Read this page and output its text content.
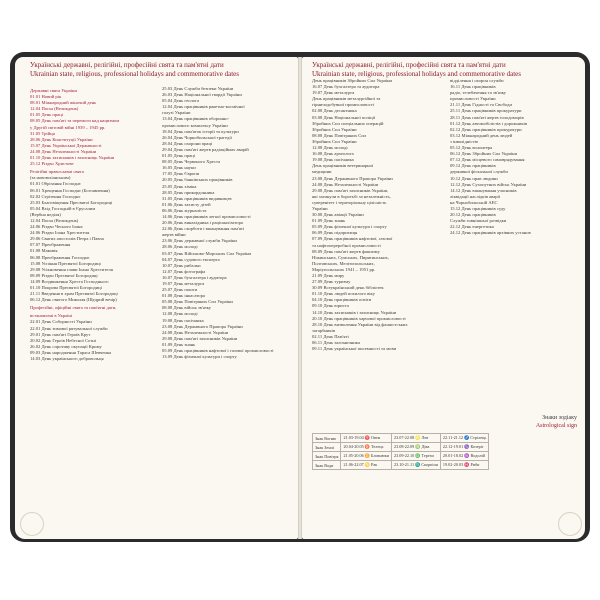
Українські державні, релігійні, професійні свята та пам'ятні дати
Ukrainian state, religious, professional holidays and commemorative dates
Українські державні, релігійні, професійні свята та пам'ятні дати
Ukrainian state, religious, professional holidays and commemorative dates
Державні свята України
01.01 Новий рік
08.01 Міжнародний жіночий день
12.04 Пасха (Великдень)
01.05 День праці
08.05 День пам'яті та перемоги над нацизмом
у Другій світовій війні 1939 – 1945 рр.
31.05 Трійця
28.06 День Конституції України
15.07 День Української Державності
24.08 День Незалежності України
01.10 День захисників і захисниць України
25.12 Різдво Христове
Релігійні православні свята
(за новоюліанським)
01.01 Обрізання Господнє
06.01 Хрещення Господнє (Богоявлення)
02.02 Стрітення Господнє
25.03 Благовіщення Пресвятої Богородиці
05.04 Вхід Господній в Єрусалим
(Вербна неділя)
12.04 Пасха (Великдень)
24.06 Різдво Чесного Іоана
24.06 Різдво Іоана Хрестителя
29.06 Святих апостолів Петра і Павла
07.07 Преображення
01.08 Маковія
06.08 Преображення Господнє
15.08 Успіння Пресвятої Богородиці
29.08 Усікновення глави Іоана Хрестителя
08.09 Різдво Пресвятої Богородиці
14.09 Воздвиження Хреста Господнього
01.10 Покрова Пресвятої Богородиці
21.11 Введення в храм Пресвятої Богородиці
06.12 День святого Миколая (Щедрий вечір)
Професійні, офіційні свята та пам'ятні дати,
встановлені в Україні
22.01 День Соборності України
22.01 День зимової рятувальної служби
29.01 День пам'яті Героїв Крут
20.02 День Героїв Небесної Сотні
26.02 День спротиву окупації Криму
09.03 День народження Тараса Шевченка
14.03 День українського добровольця
25.03 День Служби безпеки України
26.03 День Національної гвардії України
05.04 День геолога
12.04 День працівників ракетно-космічної
галузі України
13.04 День працівників оборонно-
промислового комплексу України
18.04 День пам'яток історії та культури
26.04 День Чорнобильської трагедії
28.04 День охорони праці
29.04 День пам'яті жертв радіаційних аварій
01.05 День праці
08.05 День Червоного Хреста
16.05 День науки
17.05 День Європи
20.05 День банківських працівників
25.05 День хіміка
28.05 День прикордонника
31.05 День працівників видавництв
01.06 День захисту дітей
06.06 День журналіста
14.06 День працівників легкої промисловості
20.06 День винахідника і раціоналізатора
22.06 День скорботи і вшанування пам'яті
жертв війни
23.06 День державної служби України
28.06 День молоді
03.07 День Військово-Морських Сил України
04.07 День судового експерта
10.07 День рибалки
12.07 День фотографа
16.07 День бухгалтера і аудитора
19.07 День металурга
25.07 День пошти
01.08 День інкасатора
05.08 День Повітряних Сил України
08.08 День військ зв'язку
12.08 День молоді
19.08 День пасічника
23.08 День Державного Прапора України
24.08 День Незалежності України
29.08 День пам'яті захисників України
01.09 День знань
05.09 День працівників нафтової і газової промисловості
13.09 День фізичної культури і спорту
День працівників Збройних Сил України
16.07 День бухгалтера та аудитора
19.07 День металурга
День працівників металургійної та
гірничодобувної промисловості
02.08 День десантника
03.08 День Національної поліції
Збройних Сил спеціальних операцій
Збройних Сил України
08.08 День Повітряних Сил
Збройних Сил України
12.08 День молоді
16.08 День археолога
19.08 День пасічника
День працівників ветеринарної
медицини
23.08 День Державного Прапора України
24.08 День Незалежності України
29.08 День пам'яті захисників України,
які загинули в боротьбі за незалежність,
суверенітет і територіальну цілісність
України
30.08 День авіації України
01.09 День знань
05.09 День фізичної культури і спорту
06.09 День підприємця
07.09 День працівників нафтової, газової
та нафтопереробної промисловості
08.09 День пам'яті жертв фашизму
Ніжинських, Сумських, Пирятинських,
Полтавських, Мелітопольських,
Маріупольських 1941 – 1951 рр.
21.09 День миру
27.09 День туризму
30.09 Всеукраїнський день бібліотек
01.10 День людей похилого віку
04.10 День працівників освіти
09.10 День юриста
14.10 День захисників і захисниць України
20.10 День працівників харчової промисловості
28.10 День визволення України від фашистських
загарбників
02.11 День Пам'яті
06.11 День залізничника
09.11 День української писемності та мови
відділення і охорон служби
16.11 День працівників
радіо, телебачення та зв'язку
промисловості України
21.11 День Гідності та Свободи
25.11 День працівників прокуратури
28.11 День пам'яті жертв голодоморів
01.12 День автомобілістів і дорожників
02.12 День працівників прокуратури
03.12 Міжнародний день людей
з інвалідністю
05.12 День волонтера
06.12 День Збройних Сил України
07.12 День місцевого самоврядування
09.12 День працівників
державної фіскальної служби
10.12 День прав людини
12.12 День Сухопутних військ України
14.12 День вшанування учасників
ліквідації наслідків аварії
на Чорнобильській АЕС
15.12 День працівників суду
20.12 День працівників
Служби зовнішньої розвідки
22.12 День енергетика
24.12 День працівників архівних установ
Знаки зодіаку
Astrological sign
Знак Вогню	21.03-19.04 ♈ Овен	23.07-22.08 ♌ Лев	22.11-21.12 ♐ Стрілець
Знак Землі	20.04-20.05 ♉ Телець	23.08-22.09 ♍ Діва	22.12-19.01 ♑ Козеріг
Знак Повітря	21.05-20.06 ♊ Близнюки	23.09-22.10 ♎ Терези	20.01-18.02 ♒ Водолій
Знак Води	21.06-22.07 ♋ Рак	23.10-21.11 ♏ Скорпіон	19.02-20.03 ♓ Риби
